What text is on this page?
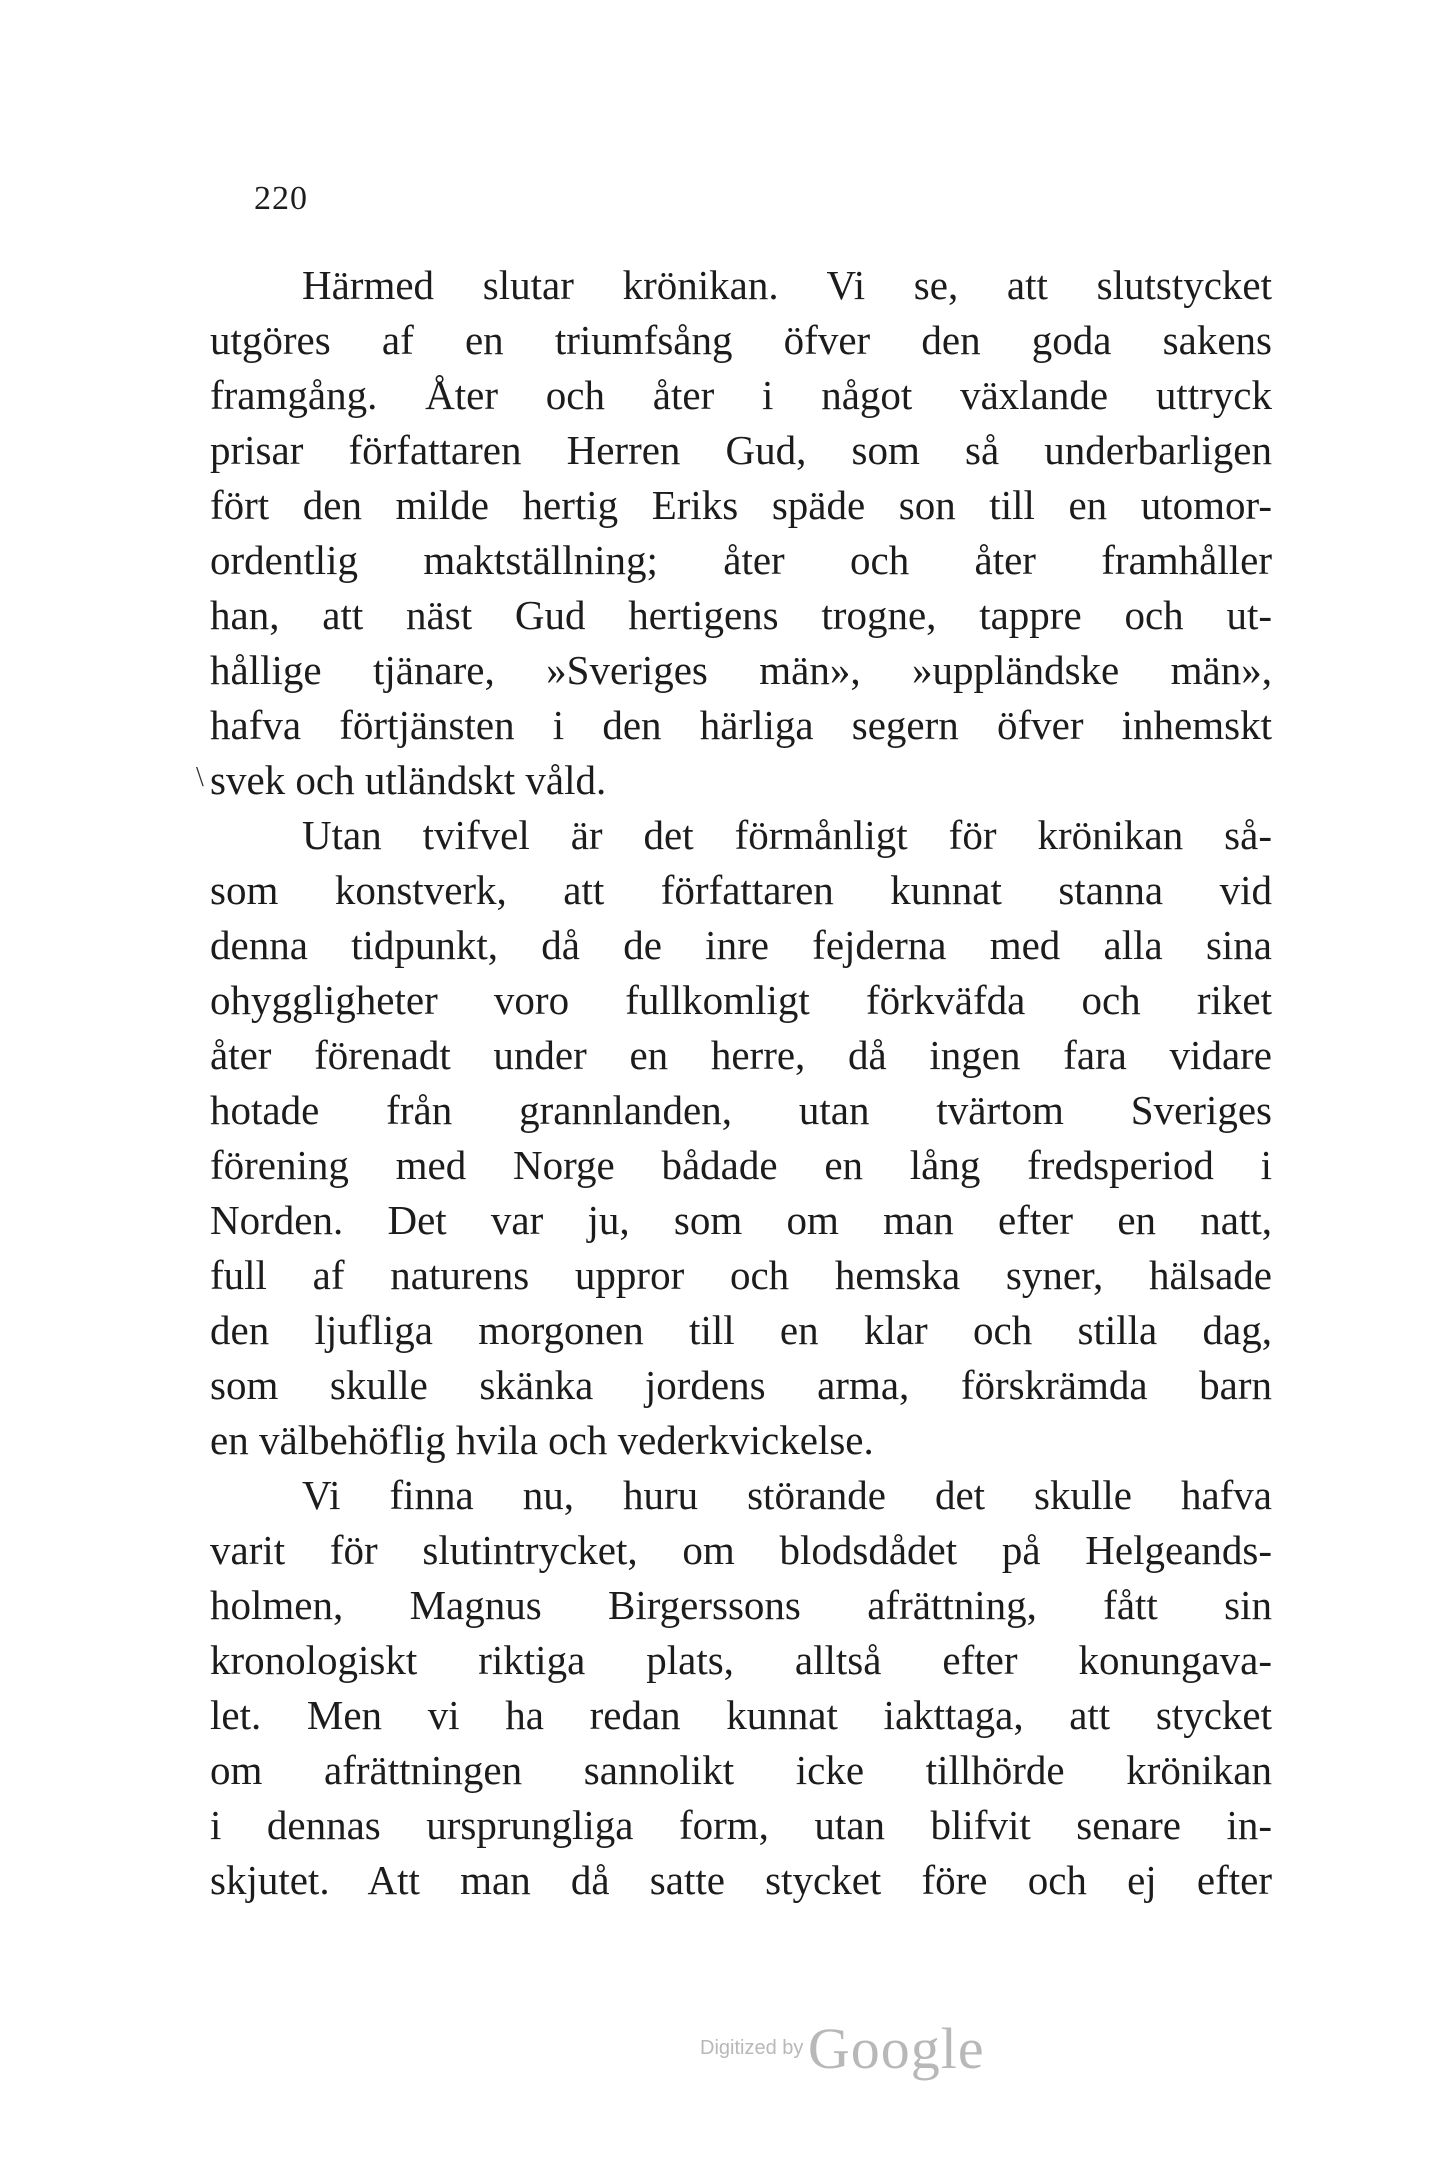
220
\
Härmed slutar krönikan. Vi se, att slutstycket
utgöres af en triumfsång öfver den goda sakens
framgång. Åter och åter i något växlande uttryck
prisar författaren Herren Gud, som så underbarligen
fört den milde hertig Eriks späde son till en utomor-
ordentlig maktställning; åter och åter framhåller
han, att näst Gud hertigens trogne, tappre och ut-
hållige tjänare, »Sveriges män», »uppländske män»,
hafva förtjänsten i den härliga segern öfver inhemskt
svek och utländskt våld.
Utan tvifvel är det förmånligt för krönikan så-
som konstverk, att författaren kunnat stanna vid
denna tidpunkt, då de inre fejderna med alla sina
ohyggligheter voro fullkomligt förkväfda och riket
åter förenadt under en herre, då ingen fara vidare
hotade från grannlanden, utan tvärtom Sveriges
förening med Norge bådade en lång fredsperiod i
Norden. Det var ju, som om man efter en natt,
full af naturens uppror och hemska syner, hälsade
den ljufliga morgonen till en klar och stilla dag,
som skulle skänka jordens arma, förskrämda barn
en välbehöflig hvila och vederkvickelse.
Vi finna nu, huru störande det skulle hafva
varit för slutintrycket, om blodsdådet på Helgeands-
holmen, Magnus Birgerssons afrättning, fått sin
kronologiskt riktiga plats, alltså efter konungava-
let. Men vi ha redan kunnat iakttaga, att stycket
om afrättningen sannolikt icke tillhörde krönikan
i dennas ursprungliga form, utan blifvit senare in-
skjutet. Att man då satte stycket före och ej efter
Digitized by Google
